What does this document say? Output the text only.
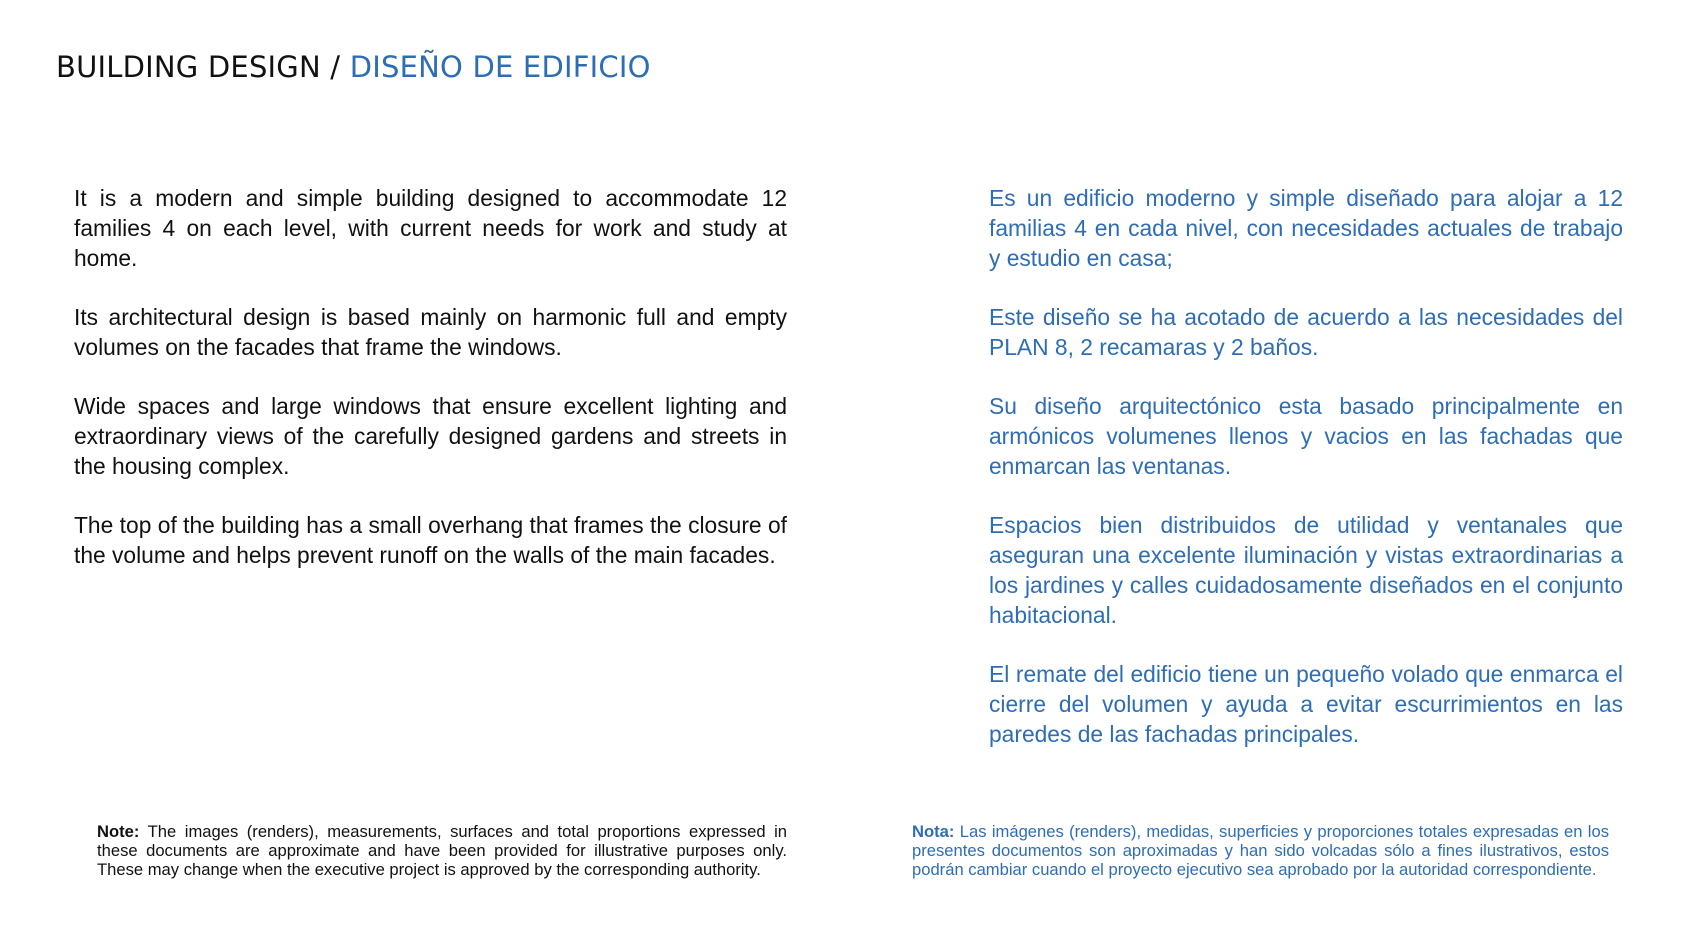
BUILDING DESIGN / DISEÑO DE EDIFICIO

It is a modern and simple building designed to accommodate 12 families 4 on each level, with current needs for work and study at home.

Its architectural design is based mainly on harmonic full and empty volumes on the facades that frame the windows.

Wide spaces and large windows that ensure excellent lighting and extraordinary views of the carefully designed gardens and streets in the housing complex.

The top of the building has a small overhang that frames the closure of the volume and helps prevent runoff on the walls of the main facades.

Es un edificio moderno y simple diseñado para alojar a 12 familias 4 en cada nivel, con necesidades actuales de trabajo y estudio en casa;

Este diseño se ha acotado de acuerdo a las necesidades del PLAN 8, 2 recamaras y 2 baños.

Su diseño arquitectónico esta basado principalmente en armónicos volumenes llenos y vacios en las fachadas que enmarcan las ventanas.

Espacios bien distribuidos de utilidad y ventanales que aseguran una excelente iluminación y vistas extraordinarias a los jardines y calles cuidadosamente diseñados en el conjunto habitacional.

El remate del edificio tiene un pequeño volado que enmarca el cierre del volumen y ayuda a evitar escurrimientos en las paredes de las fachadas principales.

Note: The images (renders), measurements, surfaces and total proportions expressed in these documents are approximate and have been provided for illustrative purposes only. These may change when the executive project is approved by the corresponding authority.
Nota: Las imágenes (renders), medidas, superficies y proporciones totales expresadas en los presentes documentos son aproximadas y han sido volcadas sólo a fines ilustrativos, estos podrán cambiar cuando el proyecto ejecutivo sea aprobado por la autoridad correspondiente.
